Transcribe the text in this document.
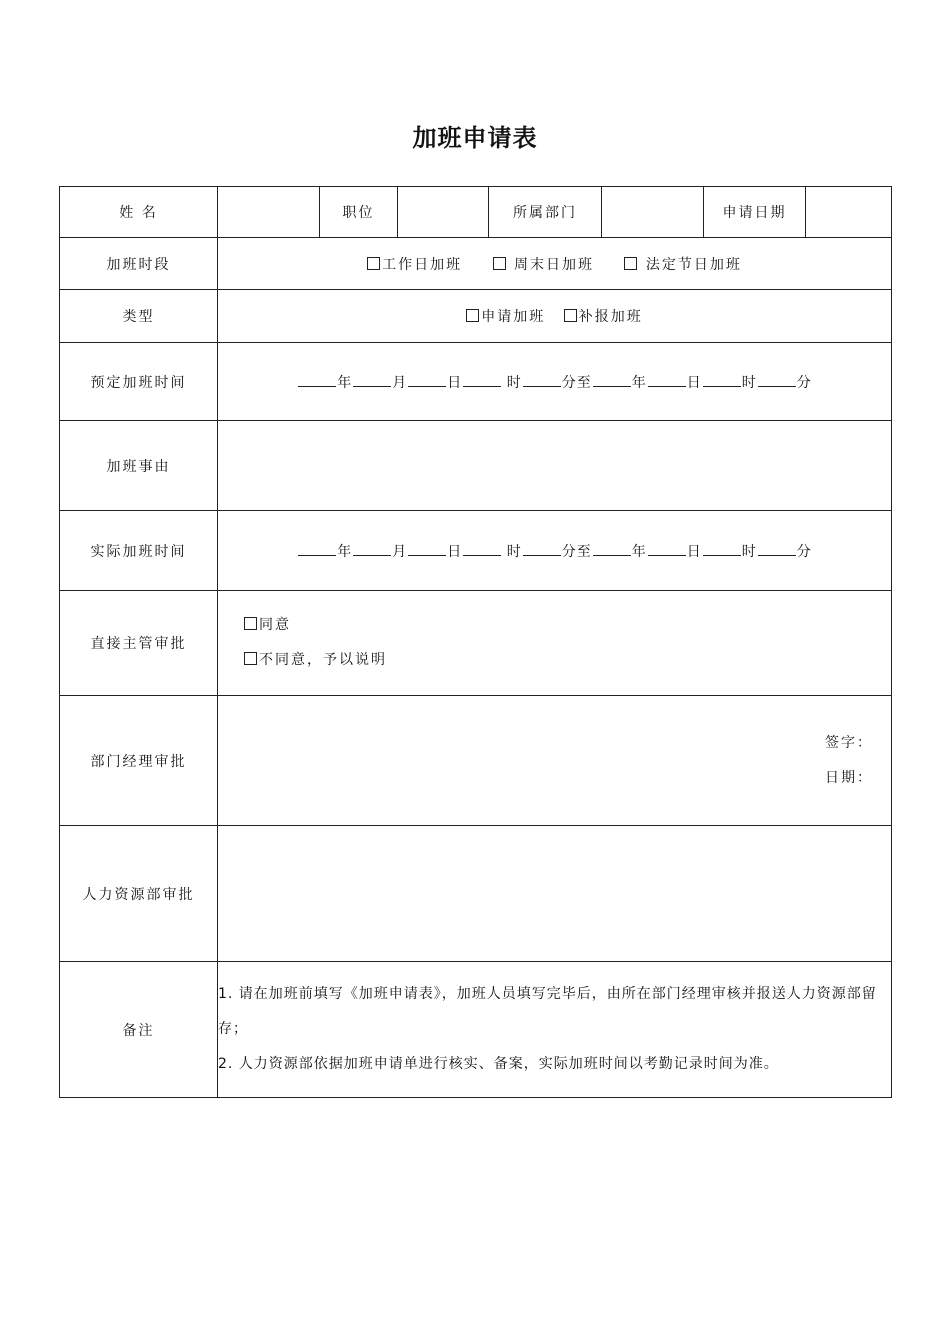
加班申请表
姓 名		职位		所属部门		申请日期	
加班时段	工作日加班 周末日加班 法定节日加班						
类型	申请加班 补报加班						
预定加班时间	年 月 日 时 分至 年 日 时 分						
加班事由							
实际加班时间	年 月 日 时 分至 年 日 时 分						
直接主管审批	同意
不同意，予以说明						

部门经理审批	签字：
日期：						

人力资源部审批							
备注	1. 请在加班前填写《加班申请表》，加班人员填写完毕后，由所在部门经理审核并报送人力资源部留存；
2. 人力资源部依据加班申请单进行核实、备案，实际加班时间以考勤记录时间为准。						
